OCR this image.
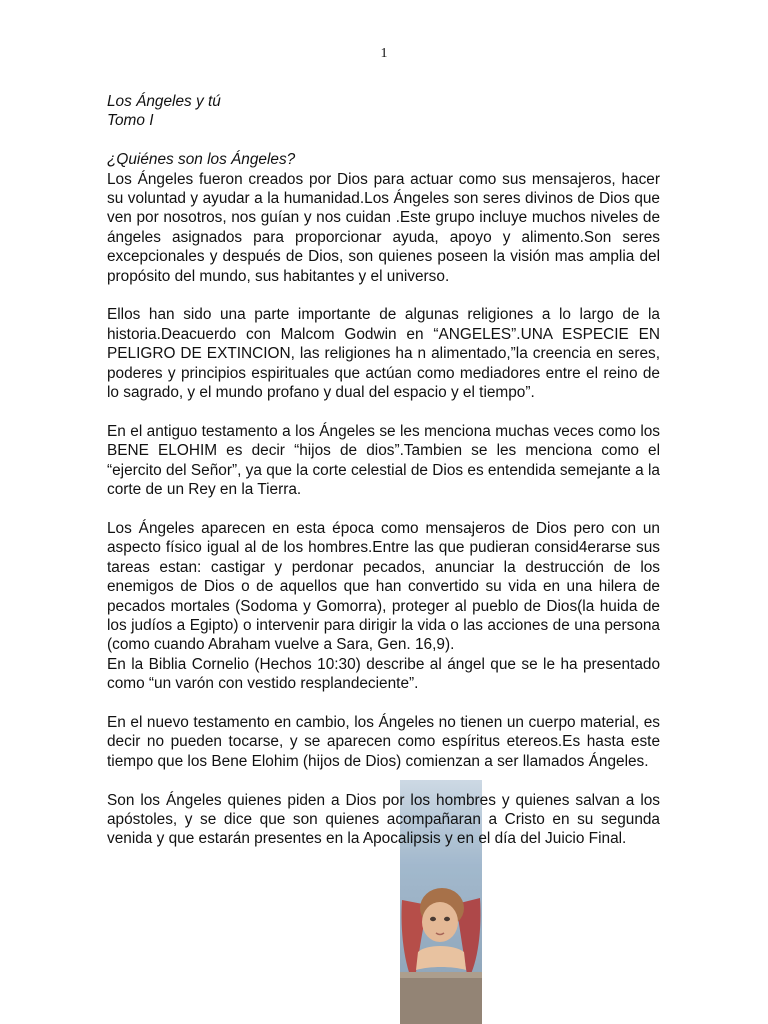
1

Los Ángeles y tú

Tomo I

¿Quiénes son los Ángeles?

Los Ángeles fueron creados por Dios para actuar como sus mensajeros, hacer su voluntad y ayudar a la humanidad.Los Ángeles son seres divinos de Dios que ven por nosotros, nos guían y nos cuidan .Este grupo incluye muchos niveles de ángeles asignados para proporcionar ayuda, apoyo y alimento.Son seres excepcionales y después de Dios, son quienes poseen la visión mas amplia del propósito del mundo, sus habitantes y el universo.

Ellos han sido una parte importante de algunas religiones a lo largo de la historia.Deacuerdo con Malcom Godwin en “ANGELES”.UNA ESPECIE EN PELIGRO DE EXTINCION, las religiones ha n alimentado,”la creencia en seres, poderes y principios espirituales que actúan como mediadores entre el reino de lo sagrado, y el mundo profano y dual del espacio y el tiempo”.

En el antiguo testamento a los Ángeles se les menciona muchas veces como los BENE ELOHIM es decir “hijos de dios”.Tambien se les menciona como el “ejercito del Señor”, ya que la corte celestial de Dios es entendida semejante a la corte de un Rey en la Tierra.

Los Ángeles aparecen en esta época como mensajeros de Dios pero con un aspecto físico igual al de los hombres.Entre las que pudieran consid4erarse sus tareas estan: castigar y perdonar pecados, anunciar la destrucción de los enemigos de Dios o de aquellos que han convertido su vida en una hilera de pecados mortales (Sodoma y Gomorra), proteger al pueblo de Dios(la huida de los judíos a Egipto) o intervenir para dirigir la vida o las acciones de una persona (como cuando Abraham vuelve a Sara, Gen. 16,9).

En la Biblia Cornelio (Hechos 10:30) describe al ángel que se le ha presentado como “un varón con vestido resplandeciente”.

En el nuevo testamento en cambio, los Ángeles no tienen un cuerpo material, es decir no pueden tocarse, y se aparecen como espíritus etereos.Es hasta este tiempo que los Bene Elohim (hijos de Dios) comienzan a ser llamados Ángeles.

Son los Ángeles quienes piden a Dios por los hombres y quienes salvan a los apóstoles, y se dice que son quienes acompañaran a Cristo en su segunda venida y que estarán presentes en la Apocalipsis y en el día del Juicio Final.
